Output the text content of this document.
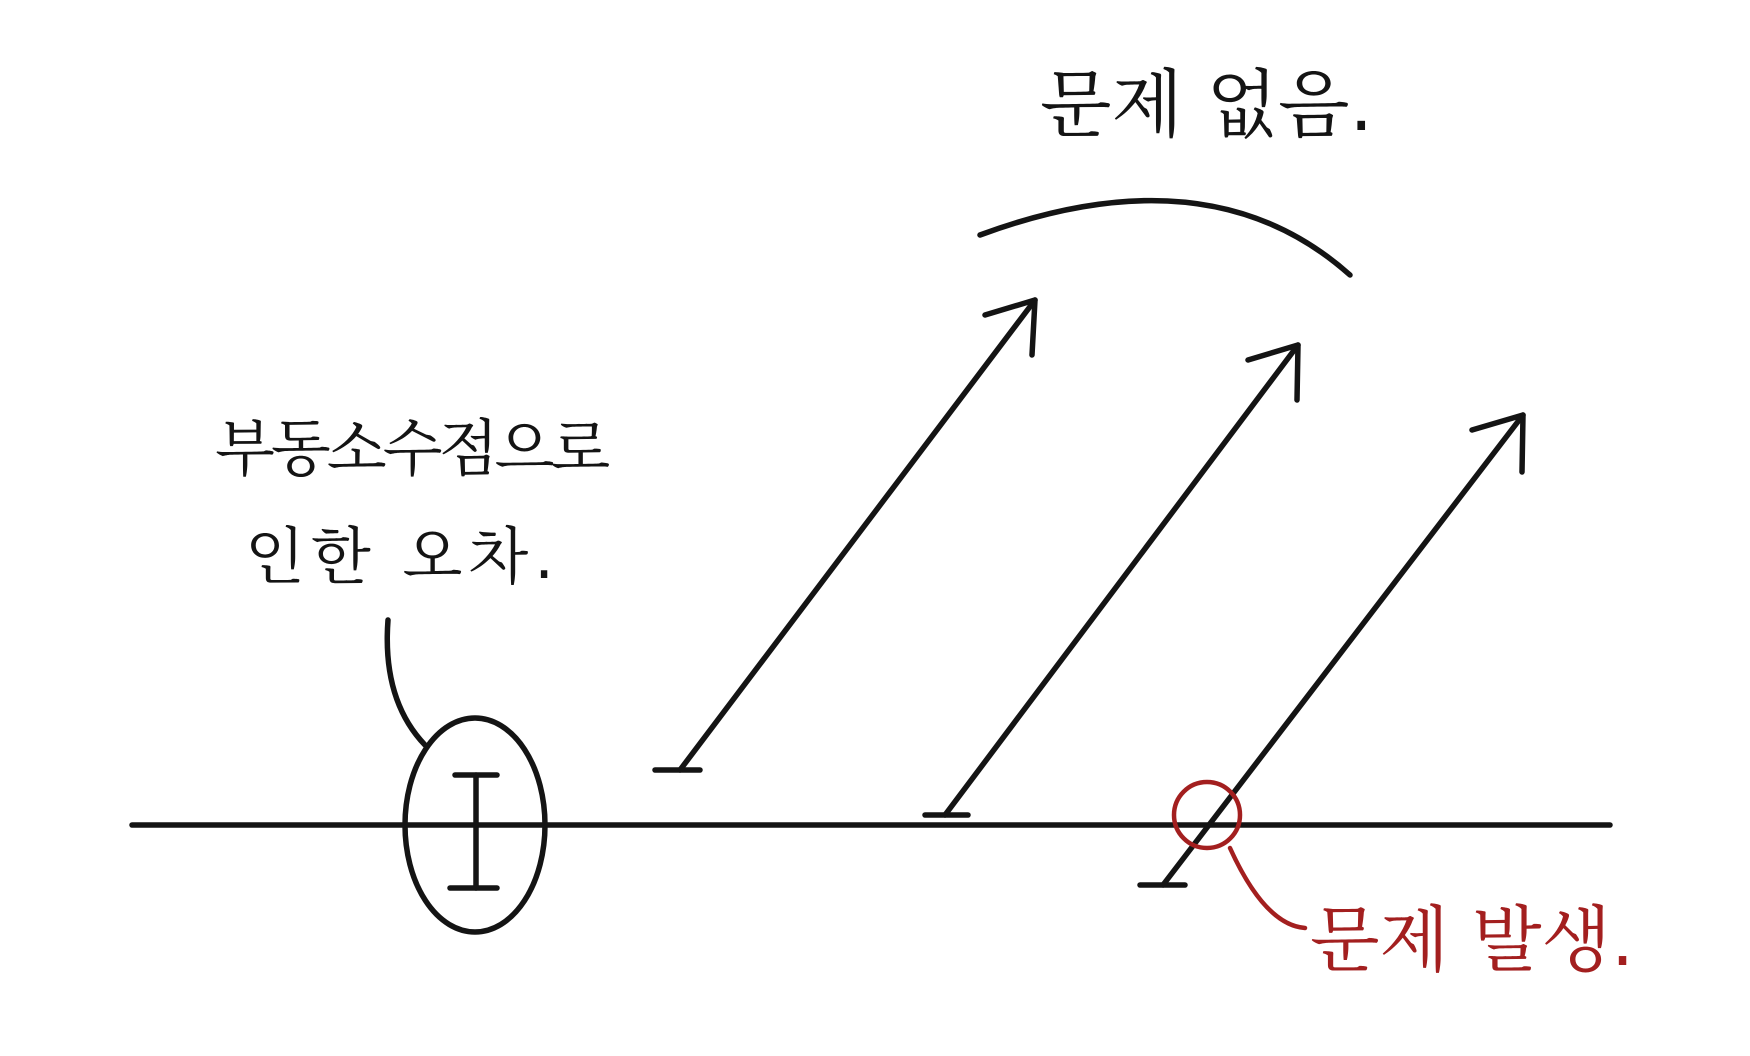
문제 없음.
부동소수점으로
인한 오차.
문제 발생.
